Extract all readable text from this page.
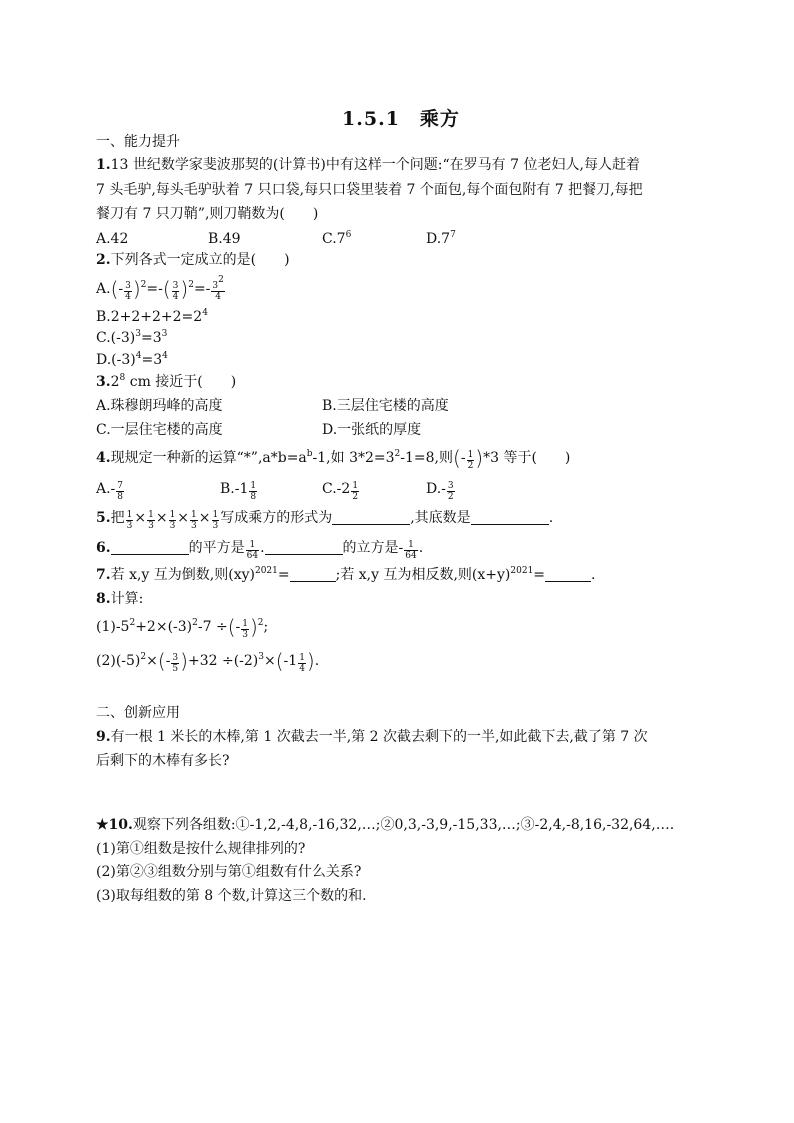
1.5.1　乘方
一、能力提升
1.13 世纪数学家斐波那契的(计算书)中有这样一个问题:“在罗马有 7 位老妇人,每人赶着
7 头毛驴,每头毛驴驮着 7 只口袋,每只口袋里装着 7 个面包,每个面包附有 7 把餐刀,每把
餐刀有 7 只刀鞘”,则刀鞘数为(　　)
A.42	B.49	$C.7^6$	$D.7^7$
2.下列各式一定成立的是(　　)
$A.(- \frac{3}{4} )^2=-( \frac{3}{4} )^2=- \frac{3^2}{4}$
$B.2+2+2+2=2^4$
$C.(-3)^3=3^3$
$D.(-3)^4=3^4$
$3.2^8$ cm 接近于(　　)
A.珠穆朗玛峰的高度	B.三层住宅楼的高度
C.一层住宅楼的高度	D.一张纸的厚度
4.现规定一种新的运算“$*”,a*b=a^b-1$,如 $3*2=3^2-1=8$,则(- $\frac{1}{2} )*3$ 等于(　　)
$A.- \frac{7}{8}$	$B.-1 \frac{1}{8}$	$C.-2 \frac{1}{2}$	$D.- \frac{3}{2}$
5.把 $\frac{1}{3} \times \frac{1}{3} \times \frac{1}{3} \times \frac{1}{3} \times \frac{1}{3}$ 写成乘方的形式为	,其底数是	.
6.	的平方是 $\frac{1}{64}$ .	的立方是- $\frac{1}{64}$ .
7.若 x,y 互为倒数,则(xy)$^{2021}$=	;若 x,y 互为相反数,则$(x+y)^{2021}=$	.
8.计算:
$(1)-5^2+2\times(-3)^2-7$ ÷(- $\frac{1}{3} )^2$;
$(2)(-5)^2\times(- \frac{3}{5} )+32 \div(-2)^3\times(-1 \frac{1}{4}$ ).
二、创新应用
9.有一根 1 米长的木棒,第 1 次截去一半,第 2 次截去剩下的一半,如此截下去,截了第 7 次
后剩下的木棒有多长?
★10.观察下列各组数:①-1,2,-4,8,-16,32,…;②0,3,-3,9,-15,33,…;③-2,4,-8,16,-32,64,….
(1)第①组数是按什么规律排列的?
(2)第②③组数分别与第①组数有什么关系?
(3)取每组数的第 8 个数,计算这三个数的和.
